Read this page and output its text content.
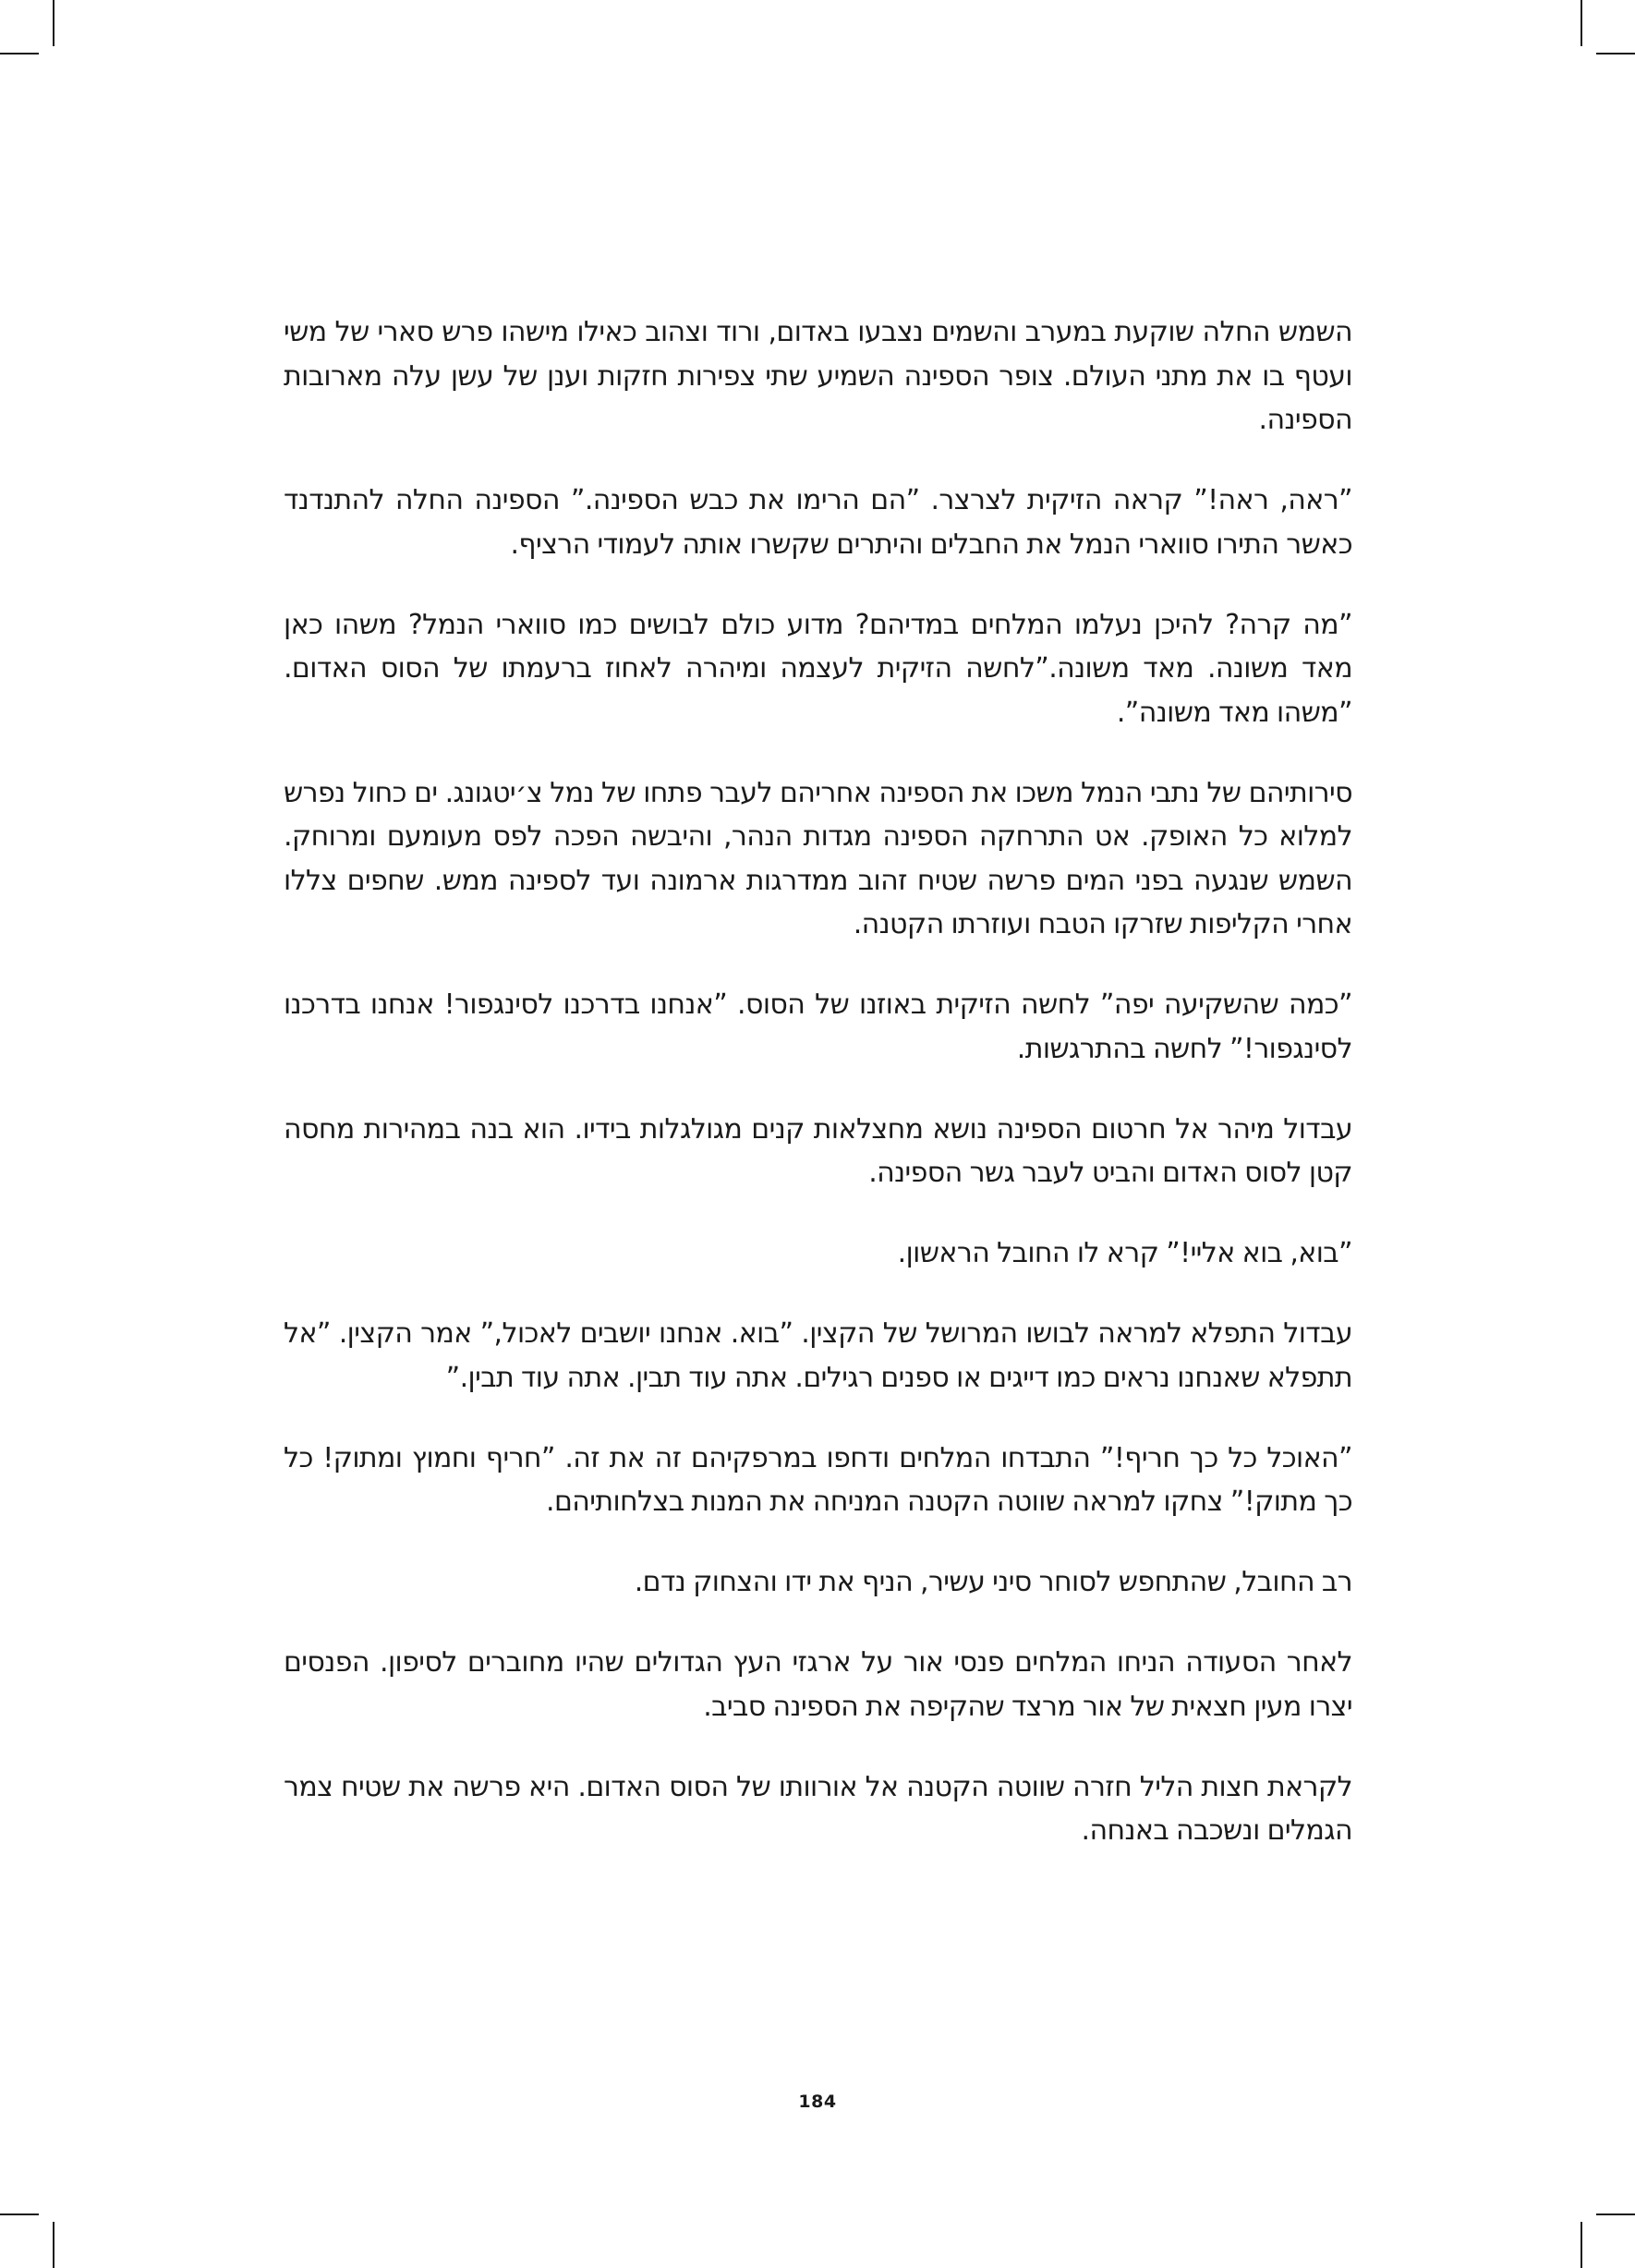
השמש החלה שוקעת במערב והשמים נצבעו באדום, ורוד וצהוב כאילו מישהו פרש סארי של משי ועטף בו את מתני העולם. צופר הספינה השמיע שתי צפירות חזקות וענן של עשן עלה מארובות הספינה.

”ראה, ראה!” קראה הזיקית לצרצר. ”הם הרימו את כבש הספינה.” הספינה החלה להתנדנד כאשר התירו סווארי הנמל את החבלים והיתרים שקשרו אותה לעמודי הרציף.

”מה קרה? להיכן נעלמו המלחים במדיהם? מדוע כולם לבושים כמו סווארי הנמל? משהו כאן מאד משונה. מאד משונה.”לחשה הזיקית לעצמה ומיהרה לאחוז ברעמתו של הסוס האדום. ”משהו מאד משונה”.

סירותיהם של נתבי הנמל משכו את הספינה אחריהם לעבר פתחו של נמל צ׳יטגונג. ים כחול נפרש למלוא כל האופק. אט התרחקה הספינה מגדות הנהר, והיבשה הפכה לפס מעומעם ומרוחק. השמש שנגעה בפני המים פרשה שטיח זהוב ממדרגות ארמונה ועד לספינה ממש. שחפים צללו אחרי הקליפות שזרקו הטבח ועוזרתו הקטנה.

”כמה שהשקיעה יפה” לחשה הזיקית באוזנו של הסוס. ”אנחנו בדרכנו לסינגפור! אנחנו בדרכנו לסינגפור!” לחשה בהתרגשות.

עבדול מיהר אל חרטום הספינה נושא מחצלאות קנים מגולגלות בידיו. הוא בנה במהירות מחסה קטן לסוס האדום והביט לעבר גשר הספינה.

”בוא, בוא אליי!” קרא לו החובל הראשון.

עבדול התפלא למראה לבושו המרושל של הקצין. ”בוא. אנחנו יושבים לאכול,” אמר הקצין. ”אל תתפלא שאנחנו נראים כמו דייגים או ספנים רגילים. אתה עוד תבין. אתה עוד תבין.”

”האוכל כל כך חריף!” התבדחו המלחים ודחפו במרפקיהם זה את זה. ”חריף וחמוץ ומתוק! כל כך מתוק!” צחקו למראה שווטה הקטנה המניחה את המנות בצלחותיהם.

רב החובל, שהתחפש לסוחר סיני עשיר, הניף את ידו והצחוק נדם.

לאחר הסעודה הניחו המלחים פנסי אור על ארגזי העץ הגדולים שהיו מחוברים לסיפון. הפנסים יצרו מעין חצאית של אור מרצד שהקיפה את הספינה סביב.

לקראת חצות הליל חזרה שווטה הקטנה אל אורוותו של הסוס האדום. היא פרשה את שטיח צמר הגמלים ונשכבה באנחה.

184
